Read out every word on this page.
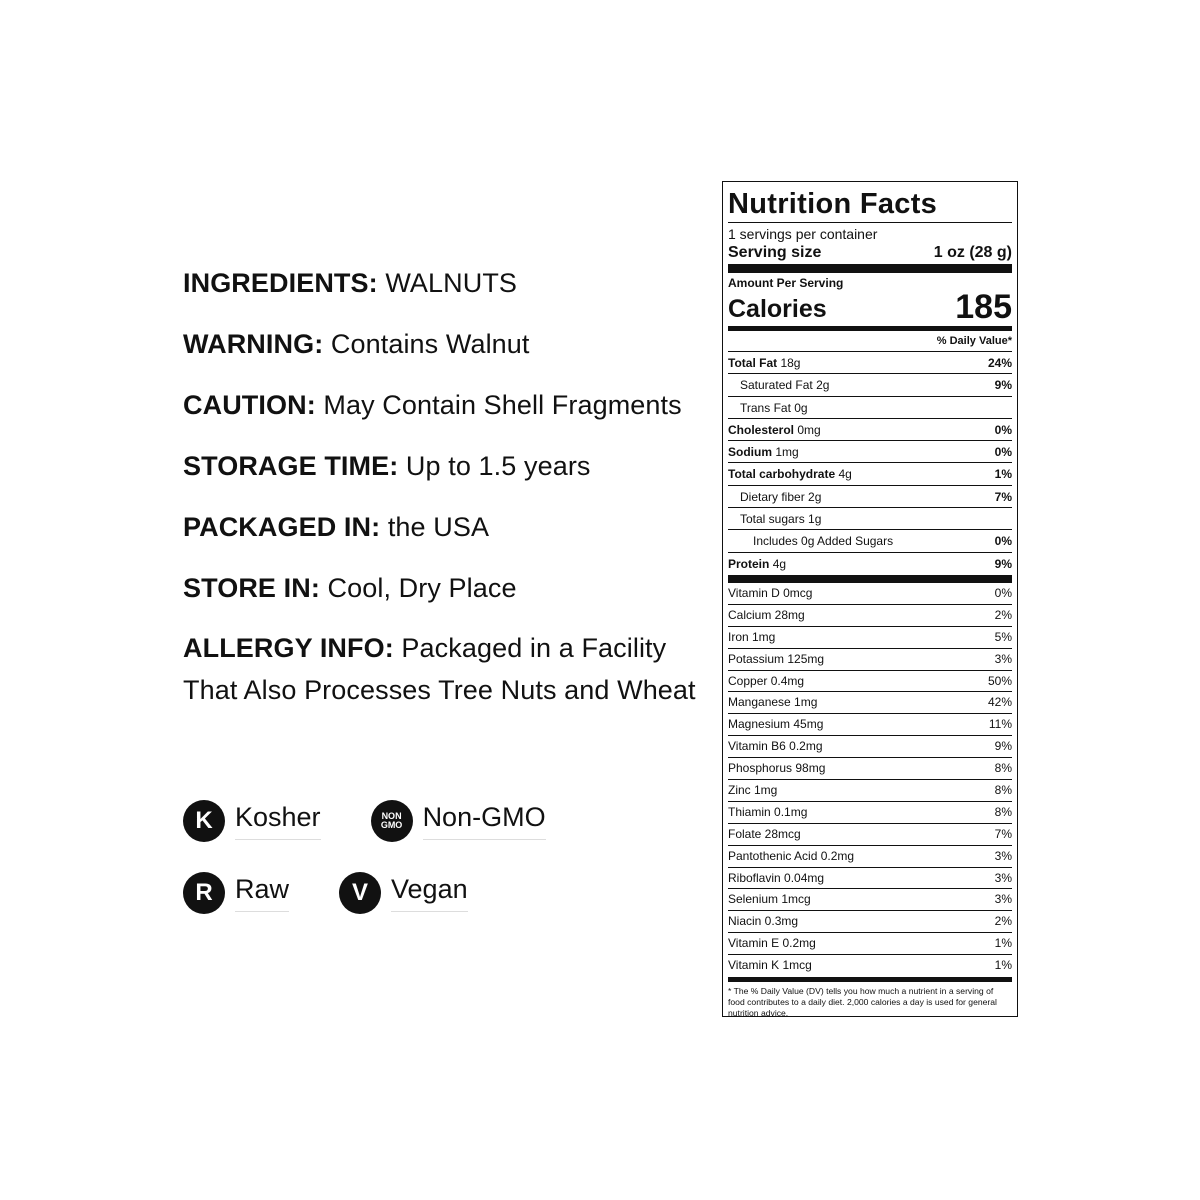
INGREDIENTS: WALNUTS

WARNING: Contains Walnut

CAUTION: May Contain Shell Fragments

STORAGE TIME: Up to 1.5 years

PACKAGED IN: the USA

STORE IN: Cool, Dry Place

ALLERGY INFO: Packaged in a Facility That Also Processes Tree Nuts and Wheat

K Kosher	NON
GMO Non-GMO
R Raw	V Vegan
Nutrition Facts
1 servings per container
Serving size	1 oz (28 g)
Amount Per Serving
Calories	185
% Daily Value*
Total Fat 18g	24%
Saturated Fat 2g	9%
Trans Fat 0g
Cholesterol 0mg	0%
Sodium 1mg	0%
Total carbohydrate 4g	1%
Dietary fiber 2g	7%
Total sugars 1g
Includes 0g Added Sugars	0%
Protein 4g	9%
Vitamin D 0mcg	0%
Calcium 28mg	2%
Iron 1mg	5%
Potassium 125mg	3%
Copper 0.4mg	50%
Manganese 1mg	42%
Magnesium 45mg	11%
Vitamin B6 0.2mg	9%
Phosphorus 98mg	8%
Zinc 1mg	8%
Thiamin 0.1mg	8%
Folate 28mcg	7%
Pantothenic Acid 0.2mg	3%
Riboflavin 0.04mg	3%
Selenium 1mcg	3%
Niacin 0.3mg	2%
Vitamin E 0.2mg	1%
Vitamin K 1mcg	1%
* The % Daily Value (DV) tells you how much a nutrient in a serving of food contributes to a daily diet. 2,000 calories a day is used for general nutrition advice.
